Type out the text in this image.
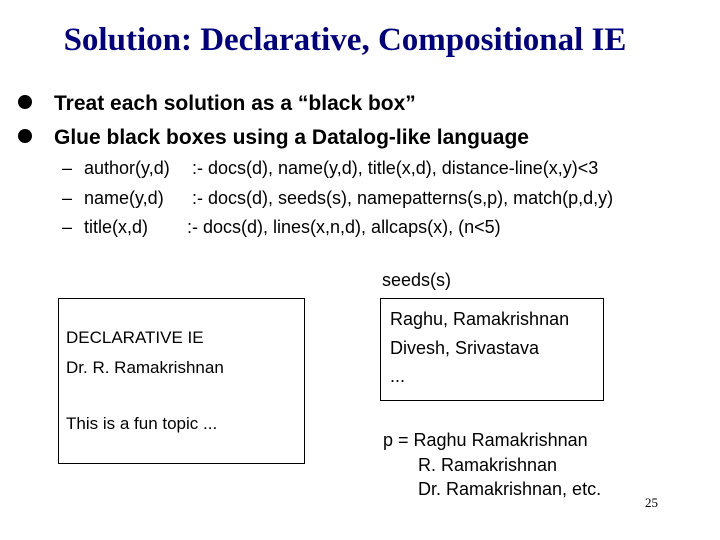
Solution: Declarative, Compositional IE
Treat each solution as a “black box”
Glue black boxes using a Datalog-like language
– author(y,d) :- docs(d), name(y,d), title(x,d), distance-line(x,y)<3
– name(y,d) :- docs(d), seeds(s), namepatterns(s,p), match(p,d,y)
– title(x,d) :- docs(d), lines(x,n,d), allcaps(x), (n<5)
DECLARATIVE IE
Dr. R. Ramakrishnan
This is a fun topic ...
seeds(s)
Raghu, Ramakrishnan
Divesh, Srivastava
...
p = Raghu Ramakrishnan
R. Ramakrishnan
Dr. Ramakrishnan, etc.
25
